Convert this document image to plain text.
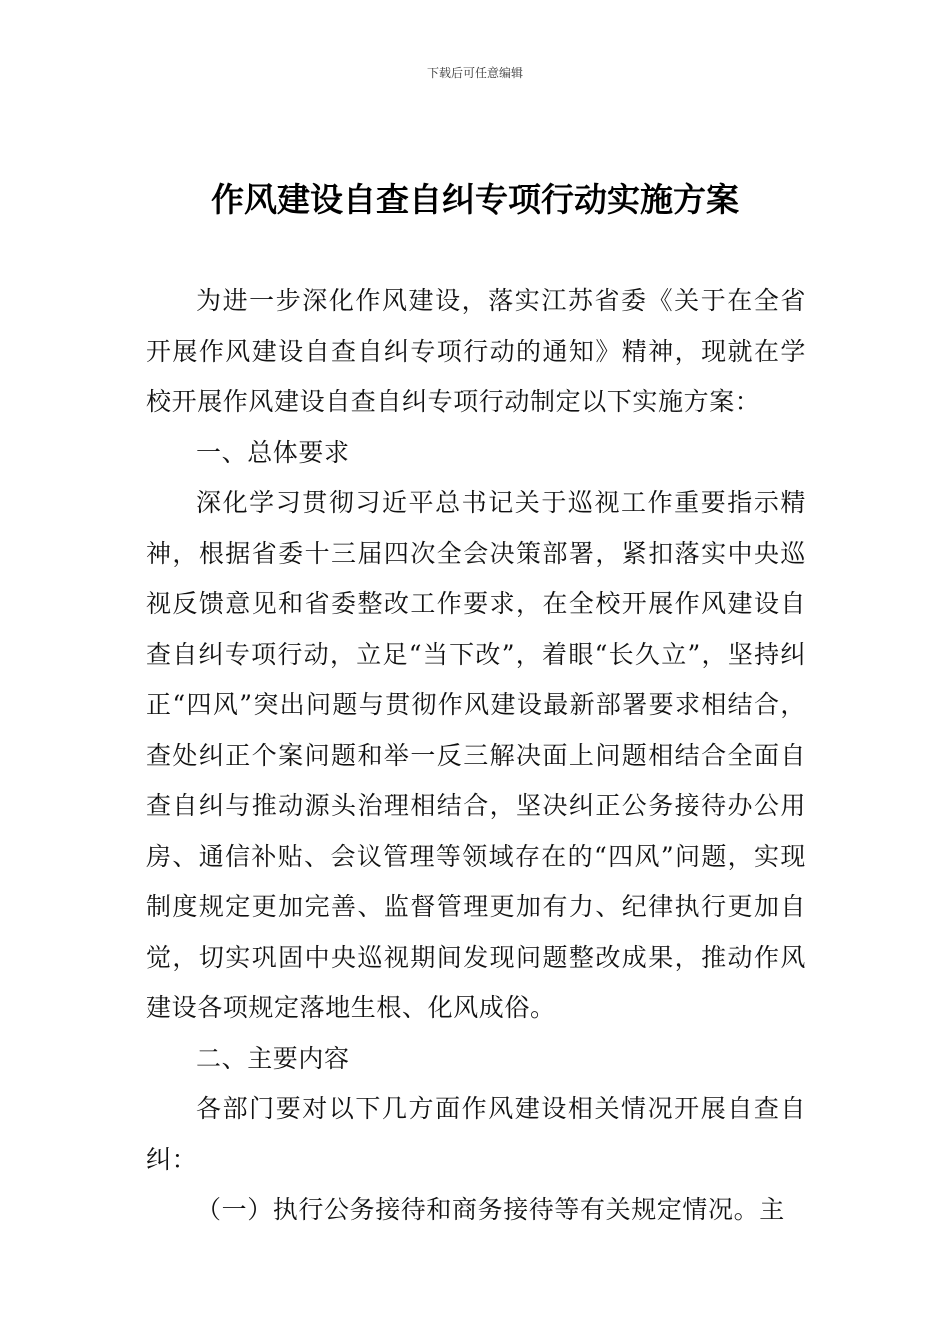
下载后可任意编辑
作风建设自查自纠专项行动实施方案

为进一步深化作风建设，落实江苏省委《关于在全省开展作风建设自查自纠专项行动的通知》精神，现就在学校开展作风建设自查自纠专项行动制定以下实施方案：

一、总体要求

深化学习贯彻习近平总书记关于巡视工作重要指示精神，根据省委十三届四次全会决策部署，紧扣落实中央巡视反馈意见和省委整改工作要求，在全校开展作风建设自查自纠专项行动，立足“当下改”，着眼“长久立”，坚持纠正“四风”突出问题与贯彻作风建设最新部署要求相结合，查处纠正个案问题和举一反三解决面上问题相结合全面自查自纠与推动源头治理相结合，坚决纠正公务接待办公用房、通信补贴、会议管理等领域存在的“四风”问题，实现制度规定更加完善、监督管理更加有力、纪律执行更加自觉，切实巩固中央巡视期间发现问题整改成果，推动作风建设各项规定落地生根、化风成俗。

二、主要内容

各部门要对以下几方面作风建设相关情况开展自查自纠：

（一）执行公务接待和商务接待等有关规定情况。主
